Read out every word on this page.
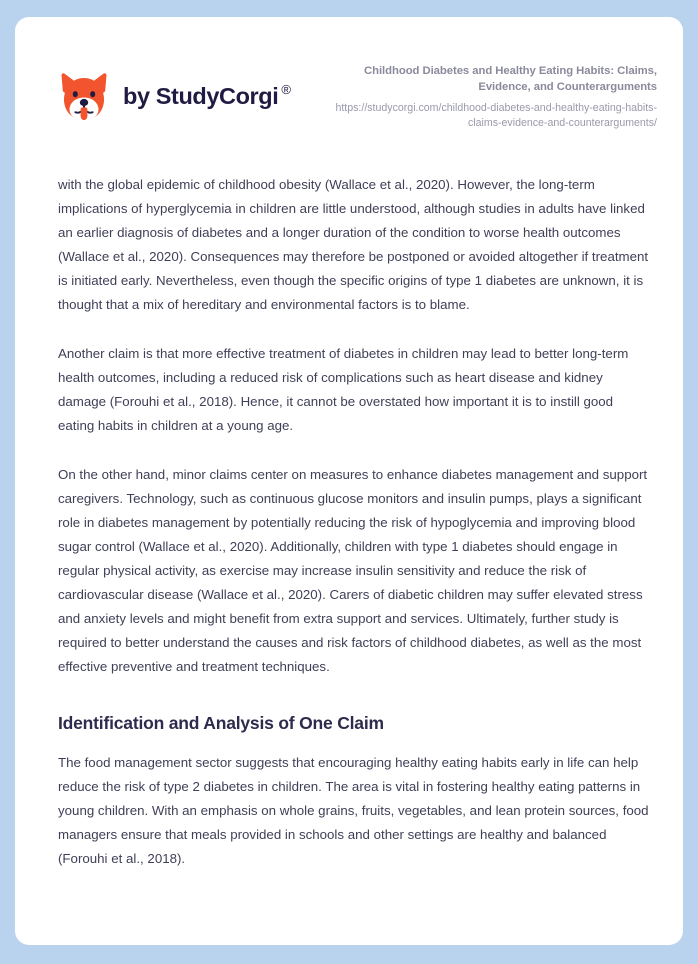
by StudyCorgi ®

Childhood Diabetes and Healthy Eating Habits: Claims, Evidence, and Counterarguments

https://studycorgi.com/childhood-diabetes-and-healthy-eating-habits-claims-evidence-and-counterarguments/

with the global epidemic of childhood obesity (Wallace et al., 2020). However, the long-term implications of hyperglycemia in children are little understood, although studies in adults have linked an earlier diagnosis of diabetes and a longer duration of the condition to worse health outcomes (Wallace et al., 2020). Consequences may therefore be postponed or avoided altogether if treatment is initiated early. Nevertheless, even though the specific origins of type 1 diabetes are unknown, it is thought that a mix of hereditary and environmental factors is to blame.

Another claim is that more effective treatment of diabetes in children may lead to better long-term health outcomes, including a reduced risk of complications such as heart disease and kidney damage (Forouhi et al., 2018). Hence, it cannot be overstated how important it is to instill good eating habits in children at a young age.

On the other hand, minor claims center on measures to enhance diabetes management and support caregivers. Technology, such as continuous glucose monitors and insulin pumps, plays a significant role in diabetes management by potentially reducing the risk of hypoglycemia and improving blood sugar control (Wallace et al., 2020). Additionally, children with type 1 diabetes should engage in regular physical activity, as exercise may increase insulin sensitivity and reduce the risk of cardiovascular disease (Wallace et al., 2020). Carers of diabetic children may suffer elevated stress and anxiety levels and might benefit from extra support and services. Ultimately, further study is required to better understand the causes and risk factors of childhood diabetes, as well as the most effective preventive and treatment techniques.

Identification and Analysis of One Claim

The food management sector suggests that encouraging healthy eating habits early in life can help reduce the risk of type 2 diabetes in children. The area is vital in fostering healthy eating patterns in young children. With an emphasis on whole grains, fruits, vegetables, and lean protein sources, food managers ensure that meals provided in schools and other settings are healthy and balanced (Forouhi et al., 2018).
